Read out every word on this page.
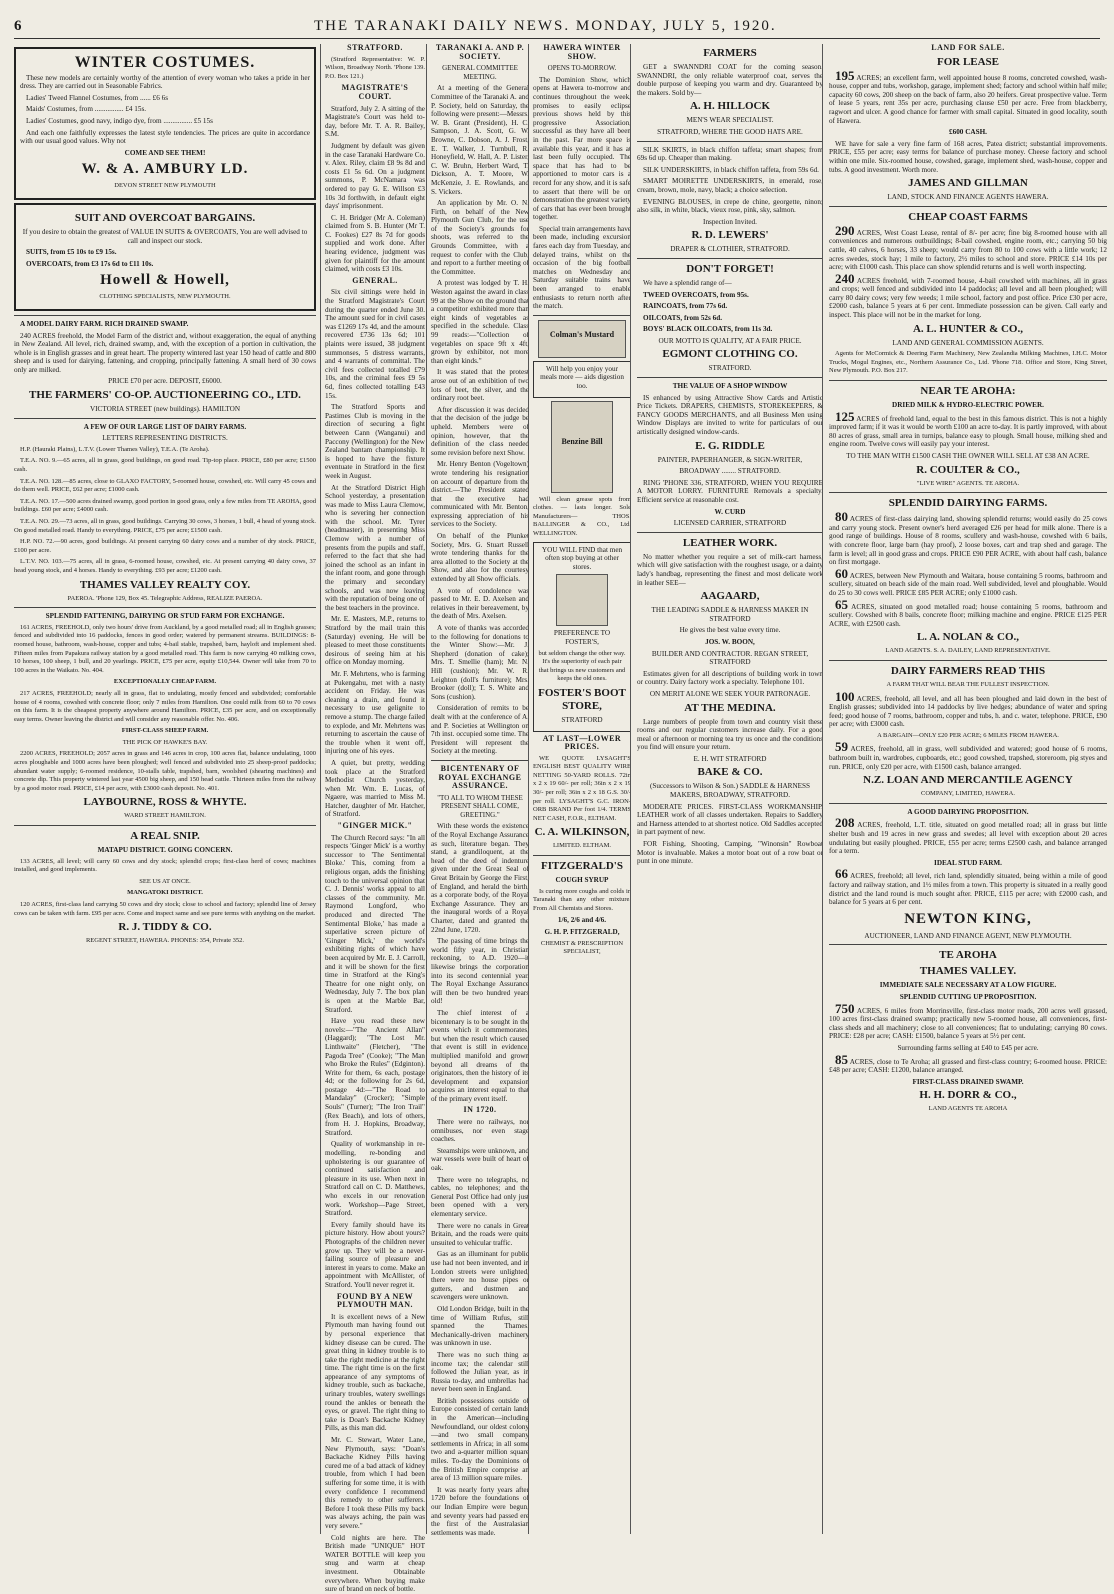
6	THE TARANAKI DAILY NEWS. MONDAY, JULY 5, 1920.
WINTER COSTUMES.

These new models are certainly worthy of the attention of every woman who takes a pride in her dress. They are carried out in Seasonable Fabrics.

Ladies' Tweed Flannel Costumes, from ...... £6 6s

Maids' Costumes, from ................ £4 15s.

Ladies' Costumes, good navy, indigo dye, from ................ £5 15s

And each one faithfully expresses the latest style tendencies. The prices are quite in accordance with our usual good values. Why not

COME AND SEE THEM!

W. & A. AMBURY LD.

DEVON STREET NEW PLYMOUTH

SUIT AND OVERCOAT BARGAINS.

If you desire to obtain the greatest of VALUE IN SUITS & OVERCOATS, You are well advised to call and inspect our stock.

SUITS, from £5 10s to £9 15s.

OVERCOATS, from £3 17s 6d to £11 10s.

Howell & Howell,

CLOTHING SPECIALISTS, NEW PLYMOUTH.

A MODEL DAIRY FARM. RICH DRAINED SWAMP.

240 ACRES freehold, the Model Farm of the district and, without exaggeration, the equal of anything in New Zealand. All level, rich, drained swamp, and, with the exception of a portion in cultivation, the whole is in English grasses and in great heart. The property wintered last year 150 head of cattle and 800 sheep and is used for dairying, fattening, and cropping, principally fattening. A small herd of 30 cows only are milked.

PRICE £70 per acre. DEPOSIT, £6000.

THE FARMERS' CO-OP. AUCTIONEERING CO., LTD.

VICTORIA STREET (new buildings). HAMILTON

A FEW OF OUR LARGE LIST OF DAIRY FARMS.

LETTERS REPRESENTING DISTRICTS.

H.P. (Hauraki Plains), L.T.V. (Lower Thames Valley), T.E.A. (Te Aroha).

T.E.A. NO. 9.—65 acres, all in grass, good buildings, on good road. Tip-top place. PRICE, £80 per acre; £1500 cash.

T.E.A. NO. 128.—85 acres, close to GLAXO FACTORY, 5-roomed house, cowshed, etc. Will carry 45 cows and do them well. PRICE, £62 per acre; £1000 cash.

T.E.A. NO. 17.—500 acres drained swamp, good portion in good grass, only a few miles from TE AROHA, good buildings. £60 per acre; £4000 cash.

T.E.A. NO. 29.—73 acres, all in grass, good buildings. Carrying 30 cows, 3 horses, 1 bull, 4 head of young stock. On good metalled road. Handy to everything. PRICE, £75 per acre; £1500 cash.

H.P. NO. 72.—90 acres, good buildings. At present carrying 60 dairy cows and a number of dry stock. PRICE, £100 per acre.

L.T.V. NO. 103.—75 acres, all in grass, 6-roomed house, cowshed, etc. At present carrying 40 dairy cows, 37 head young stock, and 4 horses. Handy to everything. £93 per acre; £1200 cash.

THAMES VALLEY REALTY COY.

PAEROA. 'Phone 129, Box 45. Telegraphic Address, REALIZE PAEROA.

SPLENDID FATTENING, DAIRYING OR STUD FARM FOR EXCHANGE.

161 ACRES, FREEHOLD, only two hours' drive from Auckland, by a good metalled road; all in English grasses; fenced and subdivided into 16 paddocks, fences in good order; watered by permanent streams. BUILDINGS: 8-roomed house, bathroom, wash-house, copper and tubs; 4-bail stable, trapshed, barn, hayloft and implement shed. Fifteen miles from Papakura railway station by a good metalled road. This farm is now carrying 40 milking cows, 10 horses, 100 sheep, 1 bull, and 20 yearlings. PRICE, £75 per acre, equity £10,544. Owner will take from 70 to 100 acres in the Waikato. No. 404.

EXCEPTIONALLY CHEAP FARM.

217 ACRES, FREEHOLD; nearly all in grass, flat to undulating, mostly fenced and subdivided; comfortable house of 4 rooms, cowshed with concrete floor; only 7 miles from Hamilton. One could milk from 60 to 70 cows on this farm. It is the cheapest property anywhere around Hamilton. PRICE, £35 per acre, and on exceptionally easy terms. Owner leaving the district and will consider any reasonable offer. No. 406.

FIRST-CLASS SHEEP FARM.

THE PICK OF HAWKE'S BAY.

2200 ACRES, FREEHOLD; 2057 acres in grass and 146 acres in crop, 100 acres flat, balance undulating, 1000 acres ploughable and 1000 acres have been ploughed; well fenced and subdivided into 25 sheep-proof paddocks; abundant water supply; 6-roomed residence, 10-stalls table, trapshed, barn, woolshed (shearing machines) and concrete dip. This property wintered last year 4500 big sheep, and 150 head cattle. Thirteen miles from the railway by a good motor road. PRICE, £14 per acre, with £3000 cash deposit. No. 401.

LAYBOURNE, ROSS & WHYTE.

WARD STREET HAMILTON.

A REAL SNIP.

MATAPU DISTRICT. GOING CONCERN.

133 ACRES, all level; will carry 60 cows and dry stock; splendid crops; first-class herd of cows; machines installed, and good implements.

SEE US AT ONCE.

MANGATOKI DISTRICT.

120 ACRES, first-class land carrying 50 cows and dry stock; close to school and factory; splendid line of Jersey cows can be taken with farm. £95 per acre. Come and inspect same and see pure terms with anything on the market.

R. J. TIDDY & CO.

REGENT STREET, HAWERA. PHONES: 354, Private 352.

STRATFORD.

(Stratford Representative: W. P. Wilson, Broadway North. 'Phone 139. P.O. Box 121.)

MAGISTRATE'S COURT.

Stratford, July 2. A sitting of the Magistrate's Court was held to-day, before Mr. T. A. R. Bailey, S.M.

Judgment by default was given in the case Taranaki Hardware Co. v. Alex. Riley, claim £8 9s 8d and costs £1 5s 6d. On a judgment summons, P. McNamara was ordered to pay G. E. Willson £3 10s 3d forthwith, in default eight days' imprisonment.

C. H. Bridger (Mr A. Coleman) claimed from S. B. Hunter (Mr T. C. Fookes) £27 8s 7d for goods supplied and work done. After hearing evidence, judgment was given for plaintiff for the amount claimed, with costs £3 10s.

GENERAL.

Six civil sittings were held in the Stratford Magistrate's Court during the quarter ended June 30. The amount sued for in civil cases was £1269 17s 4d, and the amount recovered £736 13s 6d; 101 plaints were issued, 38 judgment summonses, 5 distress warrants, and 4 warrants of committal. The civil fees collected totalled £79 10s, and the criminal fees £9 5s 6d, fines collected totalling £43 15s.

The Stratford Sports and Pastimes Club is moving in the direction of securing a fight between Cann (Wanganui) and Paccony (Wellington) for the New Zealand bantam championship. It is hoped to have the fixture eventuate in Stratford in the first week in August.

At the Stratford District High School yesterday, a presentation was made to Miss Laura Clemow, who is severing her connection with the school. Mr. Tyrer (headmaster), in presenting Miss Clemow with a number of presents from the pupils and staff, referred to the fact that she had joined the school as an infant in the infant room, and gone through the primary and secondary schools, and was now leaving with the reputation of being one of the best teachers in the province.

Mr. E. Masters, M.P., returns to Stratford by the mail train this (Saturday) evening. He will be pleased to meet those constituents desirous of seeing him at his office on Monday morning.

Mr. F. Mehrtens, who is farming at Pukengahu, met with a nasty accident on Friday. He was cleaning a drain, and found it necessary to use gelignite to remove a stump. The charge failed to explode, and Mr. Mehrtens was returning to ascertain the cause of the trouble when it went off, injuring one of his eyes.

A quiet, but pretty, wedding took place at the Stratford Methodist Church yesterday, when Mr. Wm. E. Lucas, of Ngaere, was married to Miss M. Hatcher, daughter of Mr. Hatcher, of Stratford.

"GINGER MICK."

The Church Record says: "In all respects 'Ginger Mick' is a worthy successor to 'The Sentimental Bloke.' This, coming from a religious organ, adds the finishing touch to the universal opinion that C. J. Dennis' works appeal to all classes of the community. Mr. Raymond Longford, who produced and directed 'The Sentimental Bloke,' has made a superlative screen picture of 'Ginger Mick,' the world's exhibiting rights of which have been acquired by Mr. E. J. Carroll, and it will be shown for the first time in Stratford at the King's Theatre for one night only, on Wednesday, July 7. The box plan is open at the Marble Bar, Stratford.

Have you read these new novels:—"The Ancient Allan" (Haggard); "The Lost Mr. Linthwaite" (Fletcher), "The Pagoda Tree" (Cooke); "The Man who Broke the Rules" (Edginton). Write for them, 6s each, postage 4d; or the following for 2s 6d, postage 4d:—"The Road to Mandalay" (Crocker); "Simple Souls" (Turner); "The Iron Trail" (Rex Beach), and lots of others, from H. J. Hopkins, Broadway, Stratford.

Quality of workmanship in re-modelling, re-bonding and upholstering is our guarantee of continued satisfaction and pleasure in its use. When next in Stratford call on C. D. Matthews, who excels in our renovation work. Workshop—Page Street, Stratford.

Every family should have its picture history. How about yours? Photographs of the children never grow up. They will be a never-failing source of pleasure and interest in years to come. Make an appointment with McAllister, of Stratford. You'll never regret it.

FOUND BY A NEW PLYMOUTH MAN.

It is excellent news of a New Plymouth man having found out by personal experience that kidney disease can be cured. The great thing in kidney trouble is to take the right medicine at the right time. The right time is on the first appearance of any symptoms of kidney trouble, such as backache, urinary troubles, watery swellings round the ankles or beneath the eyes, or gravel. The right thing to take is Doan's Backache Kidney Pills, as this man did.

Mr. C. Stewart, Water Lane, New Plymouth, says: "Doan's Backache Kidney Pills having cured me of a bad attack of kidney trouble, from which I had been suffering for some time, it is with every confidence I recommend this remedy to other sufferers. Before I took these Pills my back was always aching, the pain was very severe."

Cold nights are here. The British made "UNIQUE" HOT WATER BOTTLE will keep you snug and warm at cheap investment. Obtainable everywhere. When buying make sure of brand on neck of bottle.

TARANAKI A. AND P. SOCIETY.

GENERAL COMMITTEE MEETING.

At a meeting of the General Committee of the Taranaki A. and P. Society, held on Saturday, the following were present:—Messrs. W. B. Grant (President), H. C. Sampson, J. A. Scott, G. W. Browne, C. Dobson, A. J. Frost, E. T. Walker, J. Turnbull, R. Honeyfield, W. Hall, A. P. Lister, C. W. Bruhn, Herbert Ward, T. Dickson, A. T. Moore, W. McKenzie, J. E. Rowlands, and S. Vickers.

An application by Mr. O. N. Firth, on behalf of the New Plymouth Gun Club, for the use of the Society's grounds for shoots, was referred to the Grounds Committee, with a request to confer with the Club, and report to a further meeting of the Committee.

A protest was lodged by T. H. Weston against the award in class 99 at the Show on the ground that a competitor exhibited more than eight kinds of vegetables as specified in the schedule. Class 99 reads:—"Collection of vegetables on space 9ft x 4ft, grown by exhibitor, not more than eight kinds."

It was stated that the protest arose out of an exhibition of two lots of beet, the silver, and the ordinary root beet.

After discussion it was decided that the decision of the judge be upheld. Members were of opinion, however, that the definition of the class needed some revision before next Show.

Mr. Henry Benton (Vogeltown) wrote tendering his resignation on account of departure from the district.—The President stated that the executive had communicated with Mr. Benton, expressing appreciation of his services to the Society.

On behalf of the Plunket Society, Mrs. G. Stuart Russell wrote tendering thanks for the area allotted to the Society at the Show, and also for the courtesy extended by all Show officials.

A vote of condolence was passed to Mr. E. D. Axelsen and relatives in their bereavement, by the death of Mrs. Axelsen.

A vote of thanks was accorded to the following for donations to the Winter Show:—Mr. J. Shepherd (donation of cake); Mrs. T. Smellie (ham); Mr. N. Hill (cushion); Mr. W. R. Leighton (doll's furniture); Mrs. Brooker (doll); T. S. White and Sons (cushion).

Consideration of remits to be dealt with at the conference of A. and P. Societies at Wellington on 7th inst. occupied some time. The President will represent the Society at the meeting.

BICENTENARY OF ROYAL EXCHANGE ASSURANCE.

"TO ALL TO WHOM THESE PRESENT SHALL COME, GREETING."

With these words the existence of the Royal Exchange Assurance as such, literature began. They stand, a grandiloquent, at the head of the deed of indenture given under the Great Seal of Great Britain by George the First, of England, and herald the birth, as a corporate body, of the Royal Exchange Assurance. They are the inaugural words of a Royal Charter, dated and granted the 22nd June, 1720.

The passing of time brings the world fifty year, in Christian reckoning, to A.D. 1920—it likewise brings the corporation into its second centennial year. The Royal Exchange Assurance will then be two hundred years old!

The chief interest of a bicentenary is to be sought in the events which it commemorates, but when the result which caused that event is still in evidence, multiplied manifold and grown beyond all dreams of the originators, then the history of its development and expansion acquires an interest equal to that of the primary event itself.

IN 1720.

There were no railways, nor omnibuses, nor even stage coaches.

Steamships were unknown, and war vessels were built of heart of oak.

There were no telegraphs, no cables, no telephones; and the General Post Office had only just been opened with a very elementary service.

There were no canals in Great Britain, and the roads were quite unsuited to vehicular traffic.

Gas as an illuminant for public use had not been invented, and in London streets were unlighted, there were no house pipes or gutters, and dustmen and scavengers were unknown.

Old London Bridge, built in the time of William Rufus, still spanned the Thames. Mechanically-driven machinery was unknown in use.

There was no such thing as income tax; the calendar still followed the Julian year, as in Russia to-day, and umbrellas had never been seen in England.

British possessions outside of Europe consisted of certain lands in the American—including Newfoundland, our oldest colony—and two small company settlements in Africa; in all some two and a-quarter million square miles. To-day the Dominions of the British Empire comprise an area of 13 million square miles.

It was nearly forty years after 1720 before the foundations of our Indian Empire were begun, and seventy years had passed ere the first of the Australasian settlements was made.

HAWERA WINTER SHOW.

OPENS TO-MORROW.

The Dominion Show, which opens at Hawera to-morrow and continues throughout the week, promises to easily eclipse previous shows held by this progressive Association, successful as they have all been in the past. Far more space is available this year, and it has at last been fully occupied. The space that has had to be apportioned to motor cars is a record for any show, and it is safe to assert that there will be on demonstration the greatest variety of cars that has ever been brought together.

Special train arrangements have been made, including excursion fares each day from Tuesday, and delayed trains, whilst on the occasion of the big football matches on Wednesday and Saturday suitable trains have been arranged to enable enthusiasts to return north after the match.

Colman's Mustard

Will help you enjoy your meals more — aids digestion too.

Benzine Bill

Will clean grease spots from clothes. — lasts longer. Sole Manufacturers— THOS. BALLINGER & CO., Ltd. WELLINGTON.

YOU WILL FIND that men often stop buying at other stores.

PREFERENCE TO FOSTER'S,

but seldom change the other way. It's the superiority of each pair that brings us new customers and keeps the old ones.

FOSTER'S BOOT STORE,

STRATFORD

AT LAST—LOWER PRICES.

WE QUOTE LYSAGHT'S ENGLISH BEST QUALITY WIRE NETTING 50-YARD ROLLS. 72in x 2 x 19 60/- per roll; 36in x 2 x 19 30/- per roll; 36in x 2 x 18 G.S. 30/- per roll. LYSAGHT'S G.C. IRON-ORB BRAND Per foot 1/4. TERMS NET CASH, F.O.R., ELTHAM.

C. A. WILKINSON,

LIMITED. ELTHAM.

FITZGERALD'S

COUGH SYRUP

Is curing more coughs and colds in Taranaki than any other mixture. From All Chemists and Stores.

1/6, 2/6 and 4/6.

G. H. P. FITZGERALD,

CHEMIST & PRESCRIPTION SPECIALIST,

FARMERS

GET a SWANNDRI COAT for the coming season. SWANNDRI, the only reliable waterproof coat, serves the double purpose of keeping you warm and dry. Guaranteed by the makers. Sold by—

A. H. HILLOCK

MEN'S WEAR SPECIALIST.

STRATFORD, WHERE THE GOOD HATS ARE.

SILK SKIRTS, in black chiffon taffeta; smart shapes; from 69s 6d up. Cheaper than making.

SILK UNDERSKIRTS, in black chiffon taffeta, from 59s 6d.

SMART MOIRETTE UNDERSKIRTS, in emerald, rose, cream, brown, mole, navy, black; a choice selection.

EVENING BLOUSES, in crepe de chine, georgette, ninon; also silk, in white, black, vieux rose, pink, sky, salmon.

Inspection Invited.

R. D. LEWERS'

DRAPER & CLOTHIER, STRATFORD.

DON'T FORGET!

We have a splendid range of—

TWEED OVERCOATS, from 95s.

RAINCOATS, from 77s 6d.

OILCOATS, from 52s 6d.

BOYS' BLACK OILCOATS, from 11s 3d.

OUR MOTTO IS QUALITY, AT A FAIR PRICE.

EGMONT CLOTHING CO.

STRATFORD.

THE VALUE OF A SHOP WINDOW

IS enhanced by using Attractive Show Cards and Artistic Price Tickets. DRAPERS, CHEMISTS, STOREKEEPERS, & FANCY GOODS MERCHANTS, and all Business Men using Window Displays are invited to write for particulars of our artistically designed window-cards.

E. G. RIDDLE

PAINTER, PAPERHANGER, & SIGN-WRITER,

BROADWAY ........ STRATFORD.

RING 'PHONE 336, STRATFORD, WHEN YOU REQUIRE A MOTOR LORRY. FURNITURE Removals a specialty. Efficient service at reasonable cost.

W. CURD

LICENSED CARRIER, STRATFORD

LEATHER WORK.

No matter whether you require a set of milk-cart harness, which will give satisfaction with the roughest usage, or a dainty lady's handbag, representing the finest and most delicate work in leather SEE—

AAGAARD,

THE LEADING SADDLE & HARNESS MAKER IN STRATFORD

He gives the best value every time.

JOS. W. BOON,

BUILDER AND CONTRACTOR. REGAN STREET, STRATFORD

Estimates given for all descriptions of building work in town or country. Dairy factory work a specialty. Telephone 101.

ON MERIT ALONE WE SEEK YOUR PATRONAGE.

AT THE MEDINA.

Large numbers of people from town and country visit these rooms and our regular customers increase daily. For a good meal or afternoon or morning tea try us once and the conditions you find will ensure your return.

E. H. WIT STRATFORD

BAKE & CO.

(Successors to Wilson & Son.) SADDLE & HARNESS MAKERS, BROADWAY, STRATFORD.

MODERATE PRICES. FIRST-CLASS WORKMANSHIP. LEATHER work of all classes undertaken. Repairs to Saddlery and Harness attended to at shortest notice. Old Saddles accepted in part payment of new.

FOR Fishing, Shooting, Camping, "Winonsin" Rowboat Motor is invaluable. Makes a motor boat out of a row boat or punt in one minute.

LAND FOR SALE.

FOR LEASE

195 ACRES; an excellent farm, well appointed house 8 rooms, concreted cowshed, wash-house, copper and tubs, workshop, garage, implement shed; factory and school within half mile; capacity 60 cows, 200 sheep on the back of farm, also 20 heifers. Great prospective value. Term of lease 5 years, rent 35s per acre, purchasing clause £50 per acre. Free from blackberry, ragwort and ulcer. A good chance for farmer with small capital. Situated in good locality, south of Hawera.

£600 CASH.

WE have for sale a very fine farm of 168 acres, Patea district; substantial improvements. PRICE, £55 per acre; easy terms for balance of purchase money. Cheese factory and school within one mile. Six-roomed house, cowshed, garage, implement shed, wash-house, copper and tubs. A good investment. Worth more.

JAMES AND GILLMAN

LAND, STOCK AND FINANCE AGENTS HAWERA.

CHEAP COAST FARMS

290 ACRES, West Coast Lease, rental of 8/- per acre; fine big 8-roomed house with all conveniences and numerous outbuildings; 8-bail cowshed, engine room, etc.; carrying 50 big cattle, 40 calves, 6 horses, 33 sheep; would carry from 80 to 100 cows with a little work; 12 acres swedes, stock hay; 1 mile to factory, 2½ miles to school and store. PRICE £14 10s per acre; with £1000 cash. This place can show splendid returns and is well worth inspecting.

240 ACRES freehold, with 7-roomed house, 4-bail cowshed with machines, all in grass and crops; well fenced and subdivided into 14 paddocks; all level and all been ploughed; will carry 80 dairy cows; very few weeds; 1 mile school, factory and post office. Price £30 per acre, £2000 cash, balance 5 years at 6 per cent. Immediate possession can be given. Call early and inspect. This place will not be in the market for long.

A. L. HUNTER & CO.,

LAND AND GENERAL COMMISSION AGENTS.

Agents for McCormick & Deering Farm Machinery, New Zealandia Milking Machines, I.H.C. Motor Trucks, Mogul Engines, etc., Northern Assurance Co., Ltd. 'Phone 718. Office and Store, King Street, New Plymouth. P.O. Box 217.

NEAR TE AROHA:

DRIED MILK & HYDRO-ELECTRIC POWER.

125 ACRES of freehold land, equal to the best in this famous district. This is not a highly improved farm; if it was it would be worth £100 an acre to-day. It is partly improved, with about 80 acres of grass, small area in turnips, balance easy to plough. Small house, milking shed and engine room. Twelve cows will easily pay your interest.

TO THE MAN WITH £1500 CASH THE OWNER WILL SELL AT £38 AN ACRE.

R. COULTER & CO.,

"LIVE WIRE" AGENTS. TE AROHA.

SPLENDID DAIRYING FARMS.

80 ACRES of first-class dairying land, showing splendid returns; would easily do 25 cows and carry young stock. Present owner's herd averaged £26 per head for milk alone. There is a good range of buildings. House of 8 rooms, scullery and wash-house, cowshed with 6 bails, with concrete floor, large barn (hay proof), 2 loose boxes, cart and trap shed and garage. The farm is level; all in good grass and crops. PRICE £90 PER ACRE, with about half cash, balance on first mortgage.

60 ACRES, between New Plymouth and Waitara, house containing 5 rooms, bathroom and scullery, situated on beach side of the main road. Well subdivided, level and ploughable. Would do 25 to 30 cows well. PRICE £85 PER ACRE; only £1000 cash.

65 ACRES, situated on good metalled road; house containing 5 rooms, bathroom and scullery. Cowshed with 8 bails, concrete floor; milking machine and engine. PRICE £125 PER ACRE, with £2500 cash.

L. A. NOLAN & CO.,

LAND AGENTS. S. A. DAILEY, LAND REPRESENTATIVE.

DAIRY FARMERS READ THIS

A FARM THAT WILL BEAR THE FULLEST INSPECTION.

100 ACRES, freehold, all level, and all has been ploughed and laid down in the best of English grasses; subdivided into 14 paddocks by live hedges; abundance of water and spring feed; good house of 7 rooms, bathroom, copper and tubs, h. and c. water, telephone. PRICE, £90 per acre; with £3000 cash.

A BARGAIN—ONLY £20 PER ACRE; 6 MILES FROM HAWERA.

59 ACRES, freehold, all in grass, well subdivided and watered; good house of 6 rooms, bathroom built in, wardrobes, cupboards, etc.; good cowshed, trapshed, storeroom, pig styes and run. PRICE, only £20 per acre, with £1500 cash, balance arranged.

N.Z. LOAN AND MERCANTILE AGENCY

COMPANY, LIMITED, HAWERA.

A GOOD DAIRYING PROPOSITION.

208 ACRES, freehold, L.T. title, situated on good metalled road; all in grass but little shelter bush and 19 acres in new grass and swedes; all level with exception about 20 acres undulating but easily ploughed. PRICE, £55 per acre; terms £2500 cash, and balance arranged for a term.

IDEAL STUD FARM.

66 ACRES, freehold; all level, rich land, splendidly situated, being within a mile of good factory and railway station, and 1½ miles from a town. This property is situated in a really good district and the land round is much sought after. PRICE, £115 per acre; with £2000 cash, and balance for 5 years at 6 per cent.

NEWTON KING,

AUCTIONEER, LAND AND FINANCE AGENT, NEW PLYMOUTH.

TE AROHA
THAMES VALLEY.

IMMEDIATE SALE NECESSARY AT A LOW FIGURE.

SPLENDID CUTTING UP PROPOSITION.

750 ACRES, 6 miles from Morrinsville, first-class motor roads, 200 acres well grassed, 100 acres first-class drained swamp; practically new 5-roomed house, all conveniences, first-class sheds and all machinery; close to all conveniences; flat to undulating; carrying 80 cows. PRICE: £28 per acre; CASH: £1500, balance 5 years at 5½ per cent.

Surrounding farms selling at £40 to £45 per acre.

85 ACRES, close to Te Aroha; all grassed and first-class country; 6-roomed house. PRICE: £48 per acre; CASH: £1200, balance arranged.

FIRST-CLASS DRAINED SWAMP.

H. H. DORR & CO.,

LAND AGENTS TE AROHA
